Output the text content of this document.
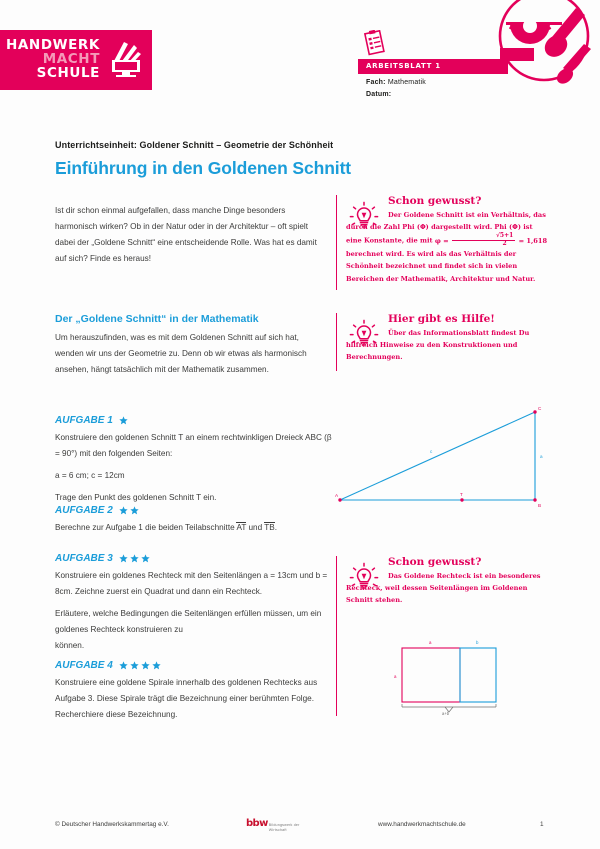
HANDWERK
MACHT
SCHULE	ARBEITSBLATT 1
Fach: Mathematik
Datum:
Unterrichtseinheit: Goldener Schnitt – Geometrie der Schönheit
Einführung in den Goldenen Schnitt
Ist dir schon einmal aufgefallen, dass manche Dinge besonders harmonisch wirken? Ob in der Natur oder in der Architektur – oft spielt dabei der „Goldene Schnitt“ eine entscheidende Rolle. Was hat es damit auf sich? Finde es heraus!
Der „Goldene Schnitt“ in der Mathematik
Um herauszufinden, was es mit dem Goldenen Schnitt auf sich hat, wenden wir uns der Geometrie zu. Denn ob wir etwas als harmonisch ansehen, hängt tatsächlich mit der Mathematik zusammen.
AUFGABE 1
Konstruiere den goldenen Schnitt T an einem rechtwinkligen Dreieck ABC (β = 90°) mit den folgenden Seiten:
a = 6 cm; c = 12cm
Trage den Punkt des goldenen Schnitt T ein.
AUFGABE 2
Berechne zur Aufgabe 1 die beiden Teilabschnitte AT und TB.
AUFGABE 3
Konstruiere ein goldenes Rechteck mit den Seitenlängen a = 13cm und b = 8cm. Zeichne zuerst ein Quadrat und dann ein Rechteck.
Erläutere, welche Bedingungen die Seitenlängen erfüllen müssen, um ein goldenes Rechteck konstruieren zu
können.
AUFGABE 4
Konstruiere eine goldene Spirale innerhalb des goldenen Rechtecks aus Aufgabe 3. Diese Spirale trägt die Bezeichnung einer berühmten Folge. Recherchiere diese Bezeichnung.
Schon gewusst?
Der Goldene Schnitt ist ein Verhältnis, das durch die Zahl Phi (Φ) dargestellt wird. Phi (Φ) ist eine Konstante, die mit $\varphi = \frac{√5+1}{2} = 1,618$ berechnet wird. Es wird als das Verhältnis der Schönheit bezeichnet und findet sich in vielen Bereichen der Mathematik, Architektur und Natur.
Hier gibt es Hilfe!
Über das Informationsblatt findest Du hilfreich Hinweise zu den Konstruktionen und Berechnungen.
A
B
C
T
a
c
Schon gewusst?
Das Goldene Rechteck ist ein besonderes Rechteck, weil dessen Seitenlängen im Goldenen Schnitt stehen.
a
a
b
a+b
© Deutscher Handwerkskammertag e.V.	bbw Bildungswerk der
Wirtschaft
www.handwerkmachtschule.de	1
